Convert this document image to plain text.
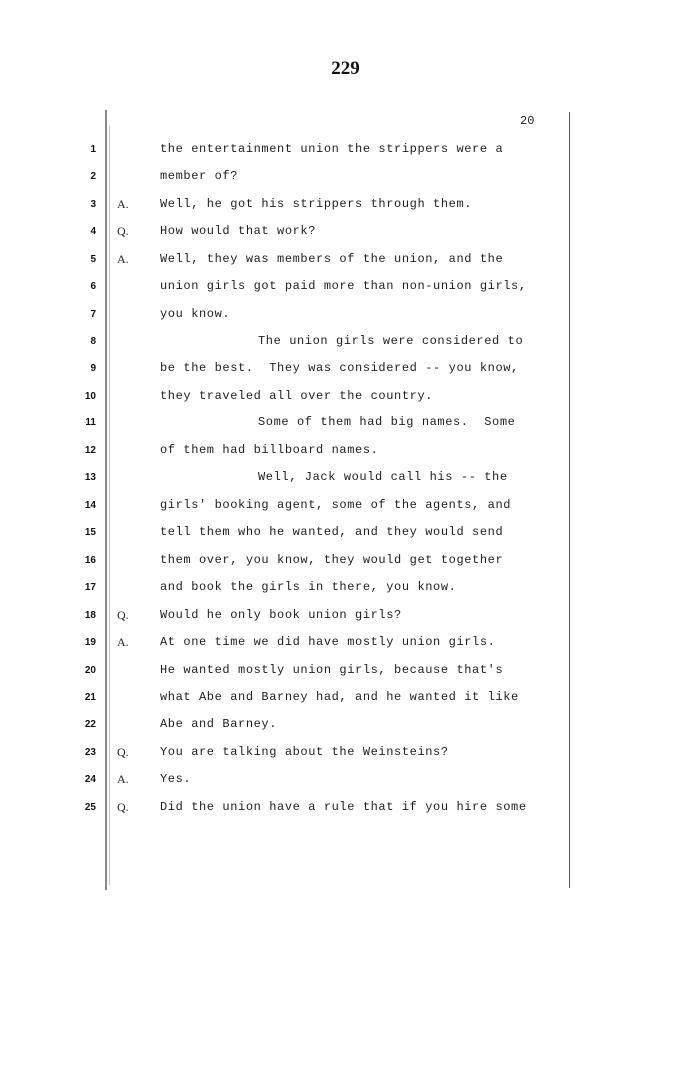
229
20
1	the entertainment union the strippers were a
2	member of?
3 A.	Well, he got his strippers through them.
4 Q.	How would that work?
5 A.	Well, they was members of the union, and the
6	union girls got paid more than non-union girls,
7	you know.
8	The union girls were considered to
9	be the best.  They was considered -- you know,
10	they traveled all over the country.
11	Some of them had big names.  Some
12	of them had billboard names.
13	Well, Jack would call his -- the
14	girls' booking agent, some of the agents, and
15	tell them who he wanted, and they would send
16	them over, you know, they would get together
17	and book the girls in there, you know.
18 Q.	Would he only book union girls?
19 A.	At one time we did have mostly union girls.
20	He wanted mostly union girls, because that's
21	what Abe and Barney had, and he wanted it like
22	Abe and Barney.
23 Q.	You are talking about the Weinsteins?
24 A.	Yes.
25 Q.	Did the union have a rule that if you hire some
